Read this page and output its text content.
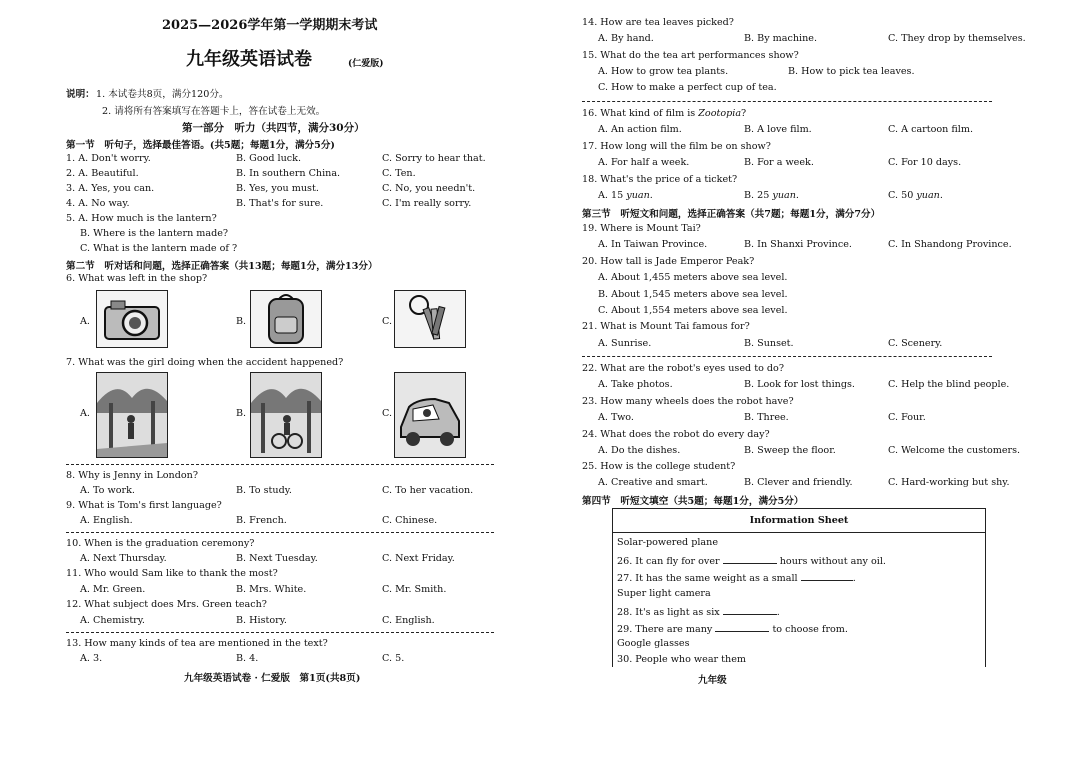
2025—2026学年第一学期期末考试
九年级英语试卷	(仁爱版)
说明： 1. 本试卷共8页，满分120分。
2. 请将所有答案填写在答题卡上，答在试卷上无效。
第一部分　听力（共四节，满分30分）
第一节　听句子，选择最佳答语。(共5题；每题1分，满分5分)
1. A. Don't worry.	B. Good luck.	C. Sorry to hear that.
2. A. Beautiful.	B. In southern China.	C. Ten.
3. A. Yes, you can.	B. Yes, you must.	C. No, you needn't.
4. A. No way.	B. That's for sure.	C. I'm really sorry.
5. A. How much is the lantern?
B. Where is the lantern made?
C. What is the lantern made of ?
第二节　听对话和问题，选择正确答案（共13题；每题1分，满分13分）
6. What was left in the shop?
A.	B.	C.
7. What was the girl doing when the accident happened?
A.	B.	C.
8. Why is Jenny in London?
A. To work.	B. To study.	C. To her vacation.
9. What is Tom's first language?
A. English.	B. French.	C. Chinese.
10. When is the graduation ceremony?
A. Next Thursday.	B. Next Tuesday.	C. Next Friday.
11. Who would Sam like to thank the most?
A. Mr. Green.	B. Mrs. White.	C. Mr. Smith.
12. What subject does Mrs. Green teach?
A. Chemistry.	B. History.	C. English.
13. How many kinds of tea are mentioned in the text?
A. 3.	B. 4.	C. 5.
九年级英语试卷 · 仁爱版　第1页(共8页)
14. How are tea leaves picked?
A. By hand.	B. By machine.	C. They drop by themselves.
15. What do the tea art performances show?
A. How to grow tea plants.	B. How to pick tea leaves.
C. How to make a perfect cup of tea.
16. What kind of film is Zootopia?
A. An action film.	B. A love film.	C. A cartoon film.
17. How long will the film be on show?
A. For half a week.	B. For a week.	C. For 10 days.
18. What's the price of a ticket?
A. 15 yuan.	B. 25 yuan.	C. 50 yuan.
第三节　听短文和问题，选择正确答案（共7题；每题1分，满分7分）
19. Where is Mount Tai?
A. In Taiwan Province.	B. In Shanxi Province.	C. In Shandong Province.
20. How tall is Jade Emperor Peak?
A. About 1,455 meters above sea level.
B. About 1,545 meters above sea level.
C. About 1,554 meters above sea level.
21. What is Mount Tai famous for?
A. Sunrise.	B. Sunset.	C. Scenery.
22. What are the robot's eyes used to do?
A. Take photos.	B. Look for lost things.	C. Help the blind people.
23. How many wheels does the robot have?
A. Two.	B. Three.	C. Four.
24. What does the robot do every day?
A. Do the dishes.	B. Sweep the floor.	C. Welcome the customers.
25. How is the college student?
A. Creative and smart.	B. Clever and friendly.	C. Hard-working but shy.
第四节　听短文填空（共5题；每题1分，满分5分）
Information Sheet
Solar-powered plane
26. It can fly for over	hours without any oil.
27. It has the same weight as a small	.
Super light camera
28. It's as light as six	.
29. There are many	to choose from.
Google glasses
30. People who wear them
九年级
